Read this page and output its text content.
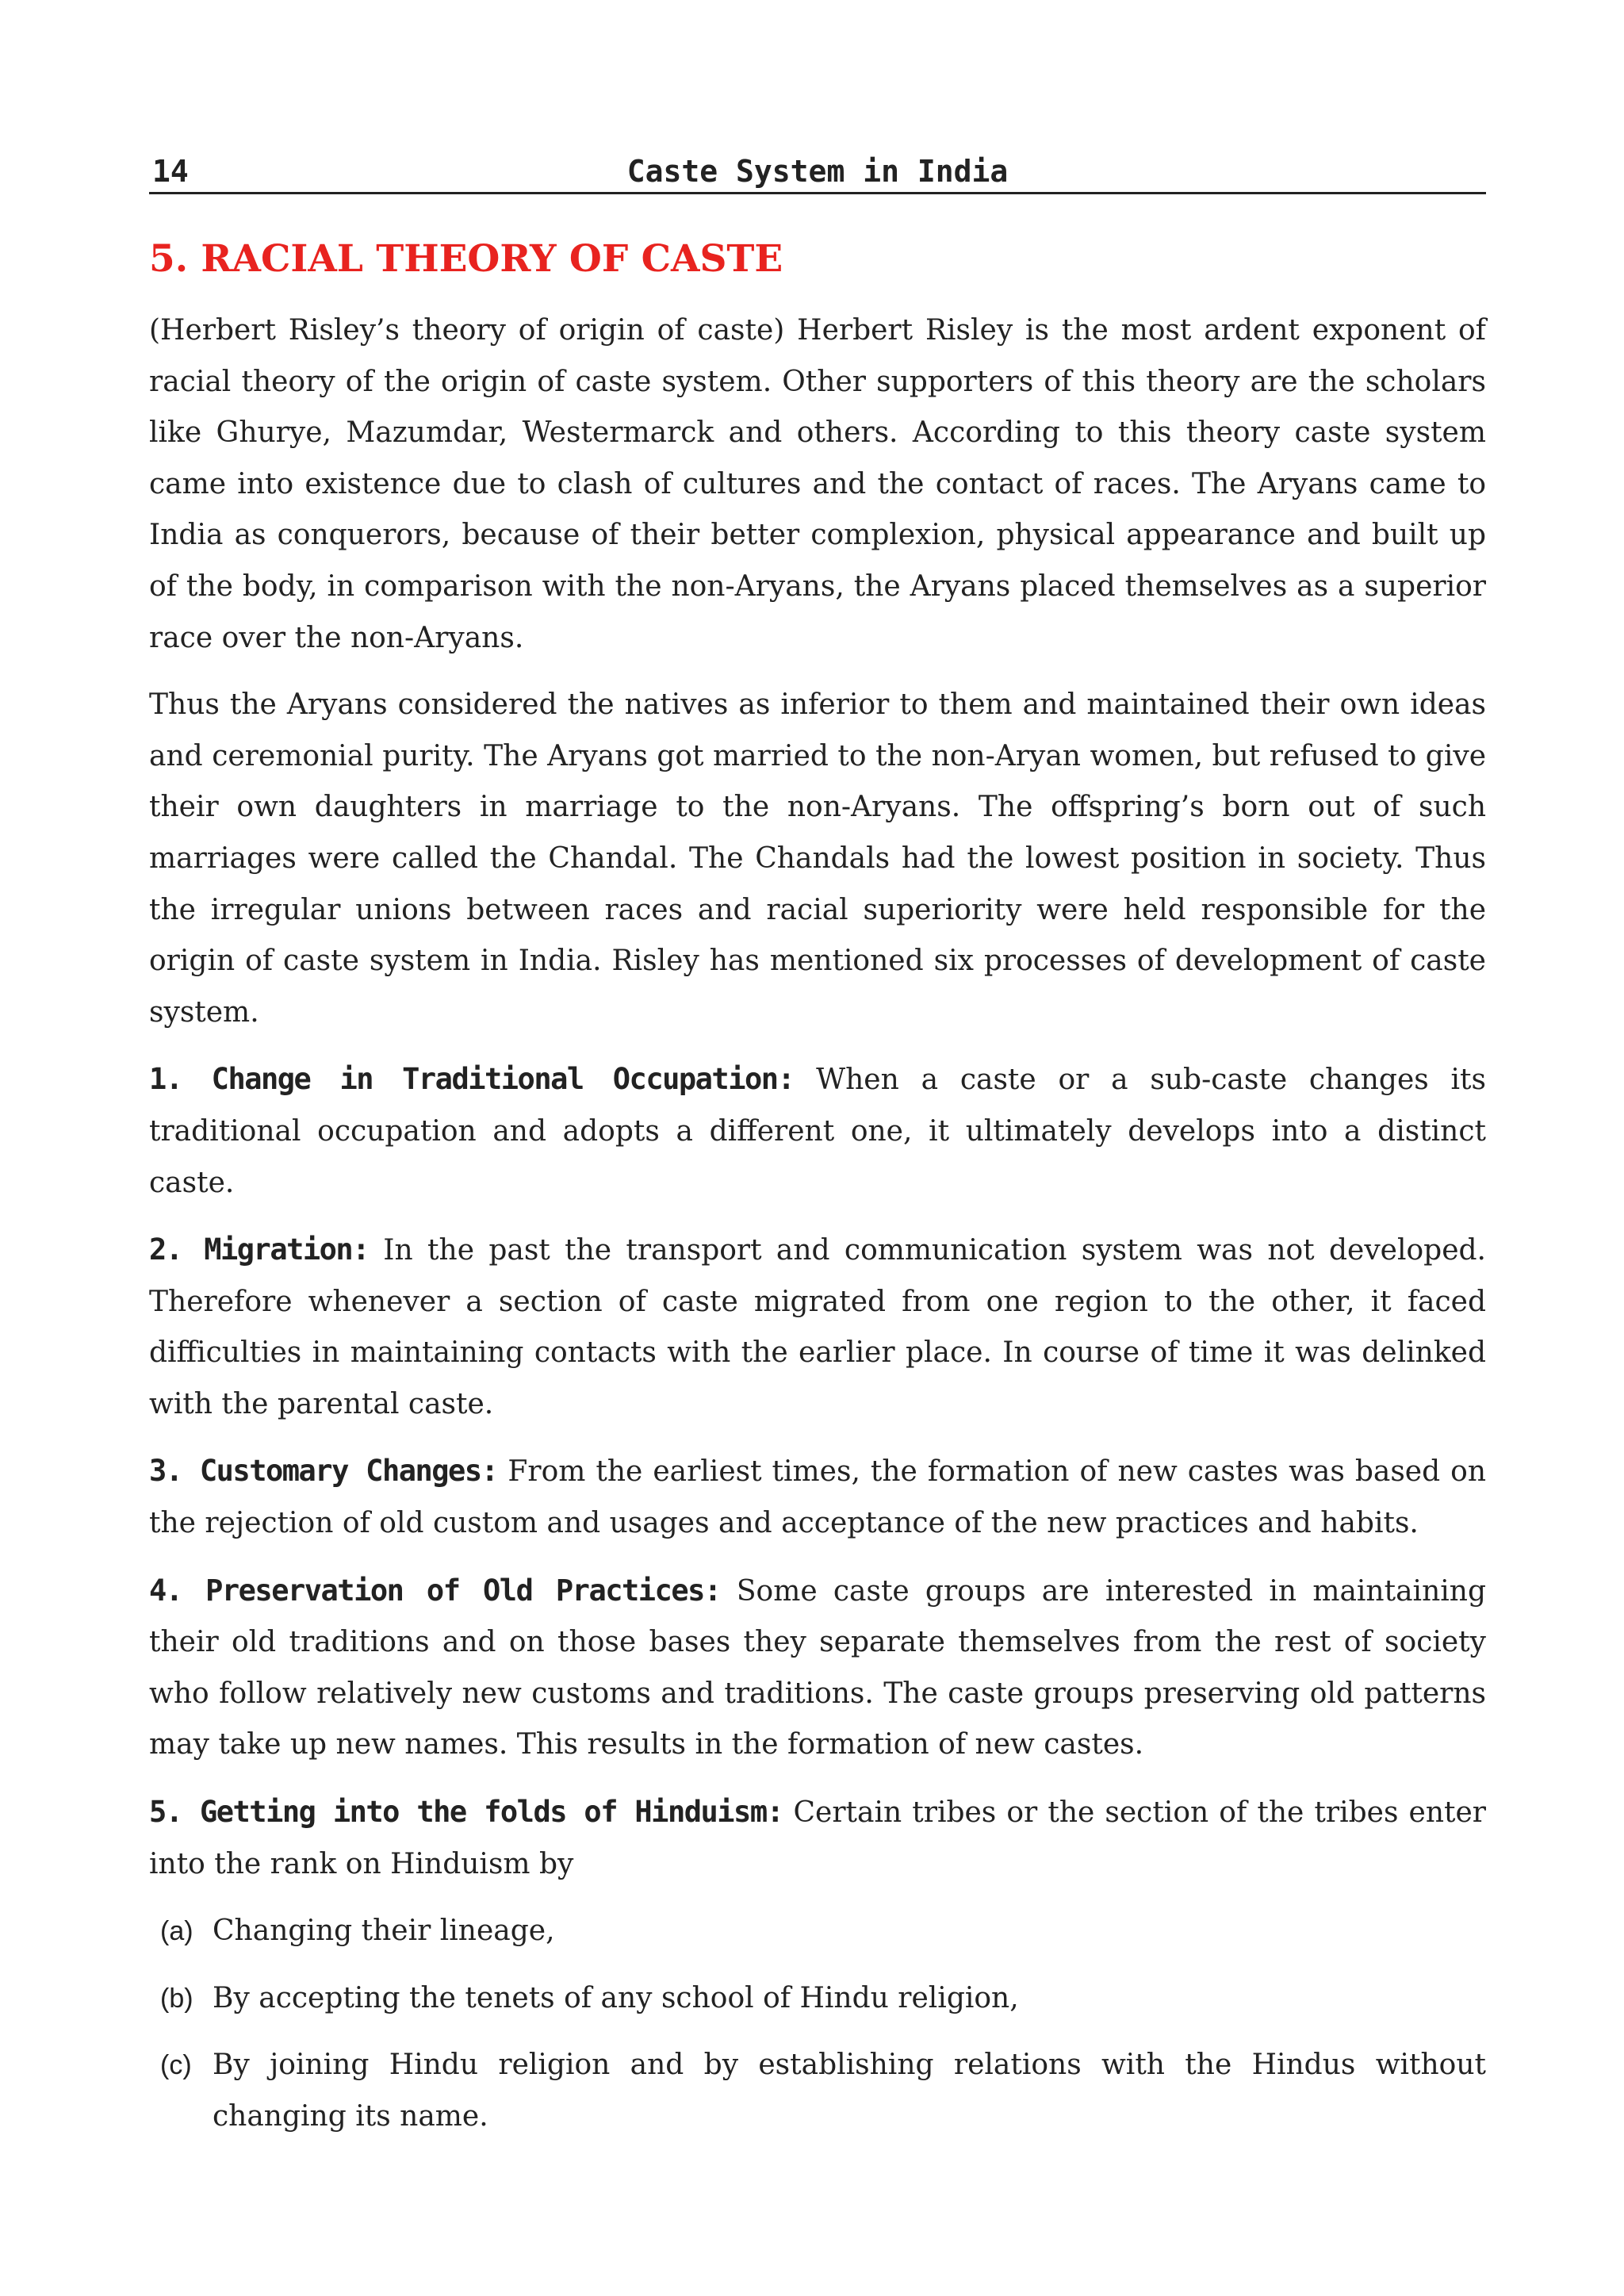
14	Caste System in India
5. RACIAL THEORY OF CASTE

(Herbert Risley’s theory of origin of caste) Herbert Risley is the most ardent exponent of racial theory of the origin of caste system. Other supporters of this theory are the scholars like Ghurye, Mazumdar, Westermarck and others. According to this theory caste system came into existence due to clash of cultures and the contact of races. The Aryans came to India as conquerors, because of their better complexion, physical appearance and built up of the body, in comparison with the non-Aryans, the Aryans placed themselves as a superior race over the non-Aryans.

Thus the Aryans considered the natives as inferior to them and maintained their own ideas and ceremonial purity. The Aryans got married to the non-Aryan women, but refused to give their own daughters in marriage to the non-Aryans. The offspring’s born out of such marriages were called the Chandal. The Chandals had the lowest position in society. Thus the irregular unions between races and racial superiority were held responsible for the origin of caste system in India. Risley has mentioned six processes of development of caste system.

1. Change in Traditional Occupation: When a caste or a sub-caste changes its traditional occupation and adopts a different one, it ultimately develops into a distinct caste.

2. Migration: In the past the transport and communication system was not developed. Therefore whenever a section of caste migrated from one region to the other, it faced difficulties in maintaining contacts with the earlier place. In course of time it was delinked with the parental caste.

3. Customary Changes: From the earliest times, the formation of new castes was based on the rejection of old custom and usages and acceptance of the new practices and habits.

4. Preservation of Old Practices: Some caste groups are interested in maintaining their old traditions and on those bases they separate themselves from the rest of society who follow relatively new customs and traditions. The caste groups preserving old patterns may take up new names. This results in the formation of new castes.

5. Getting into the folds of Hinduism: Certain tribes or the section of the tribes enter into the rank on Hinduism by

(a) Changing their lineage,
(b) By accepting the tenets of any school of Hindu religion,
(c) By joining Hindu religion and by establishing relations with the Hindus without changing its name.
